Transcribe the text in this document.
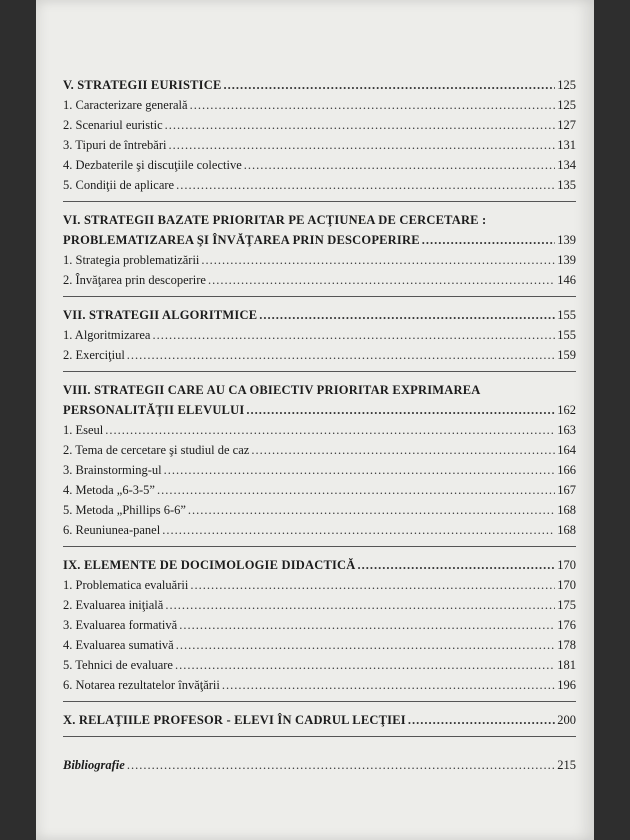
V. STRATEGII EURISTICE .....	125
1. Caracterizare generală .....	125
2. Scenariul euristic .....	127
3. Tipuri de întrebări .....	131
4. Dezbaterile şi discuţiile colective .....	134
5. Condiţii de aplicare .....	135
VI. STRATEGII BAZATE PRIORITAR PE ACŢIUNEA DE CERCETARE :
PROBLEMATIZAREA ŞI ÎNVĂŢAREA PRIN DESCOPERIRE .....	139
1. Strategia problematizării .....	139
2. Învăţarea prin descoperire .....	146
VII. STRATEGII ALGORITMICE .....	155
1. Algoritmizarea .....	155
2. Exerciţiul .....	159
VIII. STRATEGII CARE AU CA OBIECTIV PRIORITAR EXPRIMAREA
PERSONALITĂŢII ELEVULUI .....	162
1. Eseul .....	163
2. Tema de cercetare şi studiul de caz .....	164
3. Brainstorming-ul .....	166
4. Metoda „6-3-5” .....	167
5. Metoda „Phillips 6-6” .....	168
6. Reuniunea-panel .....	168
IX. ELEMENTE DE DOCIMOLOGIE DIDACTICĂ .....	170
1. Problematica evaluării .....	170
2. Evaluarea iniţială .....	175
3. Evaluarea formativă .....	176
4. Evaluarea sumativă .....	178
5. Tehnici de evaluare .....	181
6. Notarea rezultatelor învăţării .....	196
X. RELAŢIILE PROFESOR - ELEVI ÎN CADRUL LECŢIEI .....	200
Bibliografie .....	215
